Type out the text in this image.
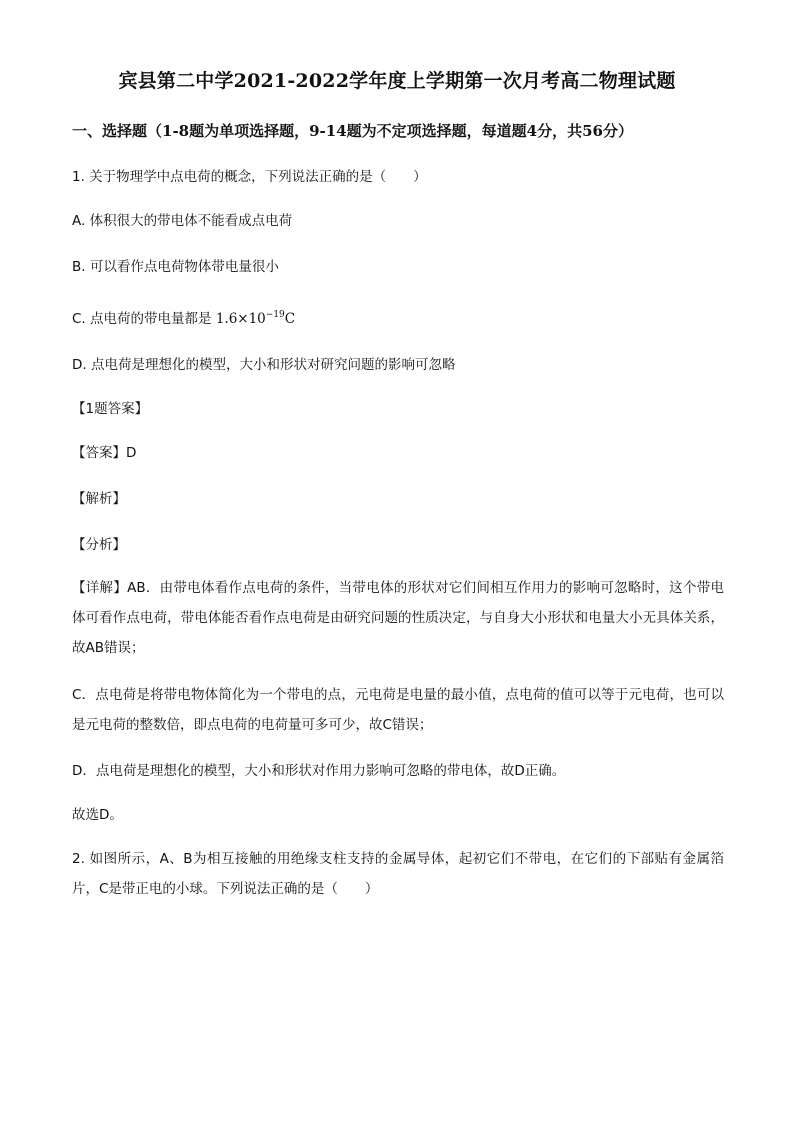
宾县第二中学2021-2022学年度上学期第一次月考高二物理试题
一、选择题（1-8题为单项选择题，9-14题为不定项选择题，每道题4分，共56分）
1. 关于物理学中点电荷的概念，下列说法正确的是（　　）
A. 体积很大的带电体不能看成点电荷
B. 可以看作点电荷物体带电量很小
C. 点电荷的带电量都是 $1.6\times 10^{-19}C$
D. 点电荷是理想化的模型，大小和形状对研究问题的影响可忽略
【1题答案】
【答案】D
【解析】
【分析】
【详解】AB．由带电体看作点电荷的条件，当带电体的形状对它们间相互作用力的影响可忽略时，这个带电体可看作点电荷，带电体能否看作点电荷是由研究问题的性质决定，与自身大小形状和电量大小无具体关系，故AB错误；
C．点电荷是将带电物体简化为一个带电的点，元电荷是电量的最小值，点电荷的值可以等于元电荷，也可以是元电荷的整数倍，即点电荷的电荷量可多可少，故C错误；
D．点电荷是理想化的模型，大小和形状对作用力影响可忽略的带电体，故D正确。
故选D。
2. 如图所示，A、B为相互接触的用绝缘支柱支持的金属导体，起初它们不带电，在它们的下部贴有金属箔片，C是带正电的小球。下列说法正确的是（　　）
